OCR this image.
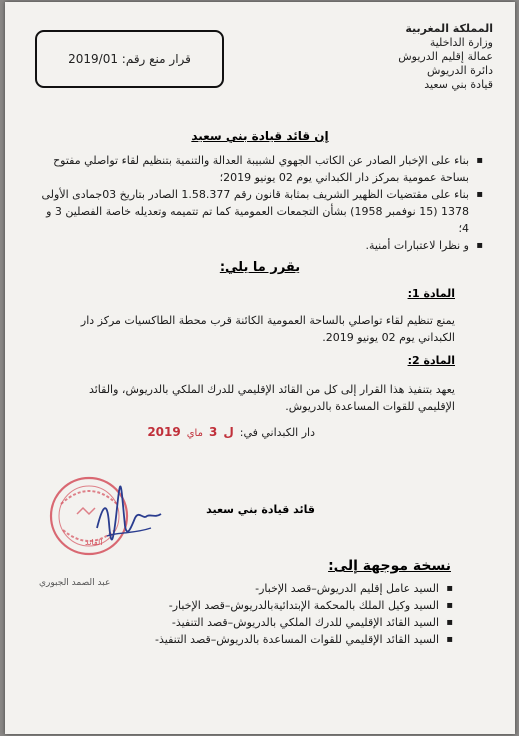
المملكة المغربية
وزارة الداخلية
عمالة إقليم الدريوش
دائرة الدريوش
قيادة بني سعيد
قرار منع رقم: 2019/01
إن قائد قيادة بني سعيد
▪ بناء على الإخبار الصادر عن الكاتب الجهوي لشبيبة العدالة والتنمية بتنظيم لقاء تواصلي مفتوح بساحة عمومية بمركز دار الكبداني يوم 02 يونيو 2019؛
▪ بناء على مقتضيات الظهير الشريف بمثابة قانون رقم 1.58.377 الصادر بتاريخ 03جمادى الأولى 1378 (15 نوفمبر 1958) بشأن التجمعات العمومية كما تم تتميمه وتعديله خاصة الفصلين 3 و 4؛
▪ و نظرا لاعتبارات أمنية.
يقرر ما يلي:
المادة 1:
يمنع تنظيم لقاء تواصلي بالساحة العمومية الكائنة قرب محطة الطاكسيات مركز دار الكبداني يوم 02 يونيو 2019.
المادة 2:
يعهد بتنفيذ هذا القرار إلى كل من القائد الإقليمي للدرك الملكي بالدريوش، والقائد الإقليمي للقوات المساعدة بالدريوش.
دار الكبداني في:
ل
3
ماي
2019
قائد قيادة بني سعيد
القائد
عبد الصمد الجبوري
نسخة موجهة إلى:
▪ السيد عامل إقليم الدريوش–قصد الإخبار-
▪ السيد وكيل الملك بالمحكمة الإبتدائيةبالدريوش–قصد الإخبار-
▪ السيد القائد الإقليمي للدرك الملكي بالدريوش–قصد التنفيذ-
▪ السيد القائد الإقليمي للقوات المساعدة بالدريوش–قصد التنفيذ-
